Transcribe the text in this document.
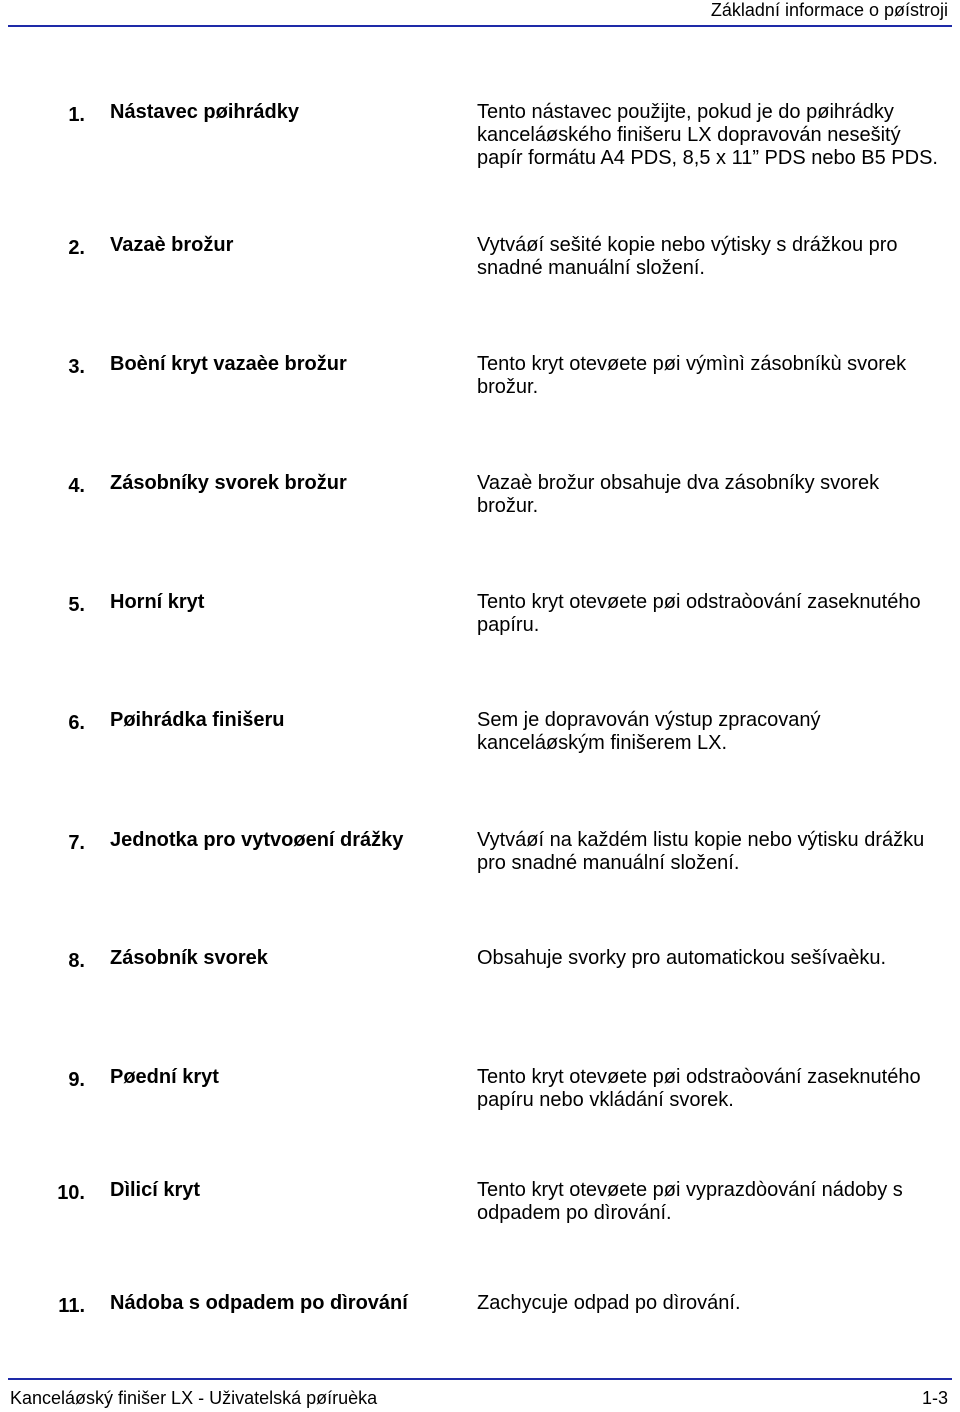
Základní informace o pøístroji
1. Nástavec pøihrádky	Tento nástavec použijte, pokud je do pøihrádky kanceláøského finišeru LX dopravován nesešitý papír formátu A4 PDS, 8,5 x 11” PDS nebo B5 PDS.
2. Vazaè brožur	Vytváøí sešité kopie nebo výtisky s drážkou pro snadné manuální složení.
3. Boèní kryt vazaèe brožur	Tento kryt otevøete pøi výmìnì zásobníkù svorek brožur.
4. Zásobníky svorek brožur	Vazaè brožur obsahuje dva zásobníky svorek brožur.
5. Horní kryt	Tento kryt otevøete pøi odstraòování zaseknutého papíru.
6. Pøihrádka finišeru	Sem je dopravován výstup zpracovaný kanceláøským finišerem LX.
7. Jednotka pro vytvoøení drážky	Vytváøí na každém listu kopie nebo výtisku drážku pro snadné manuální složení.
8. Zásobník svorek	Obsahuje svorky pro automatickou sešívaèku.
9. Pøední kryt	Tento kryt otevøete pøi odstraòování zaseknutého papíru nebo vkládání svorek.
10. Dìlicí kryt	Tento kryt otevøete pøi vyprazdòování nádoby s odpadem po dìrování.
11. Nádoba s odpadem po dìrování	Zachycuje odpad po dìrování.
Kanceláøský finišer LX - Uživatelská pøíruèka	1-3
